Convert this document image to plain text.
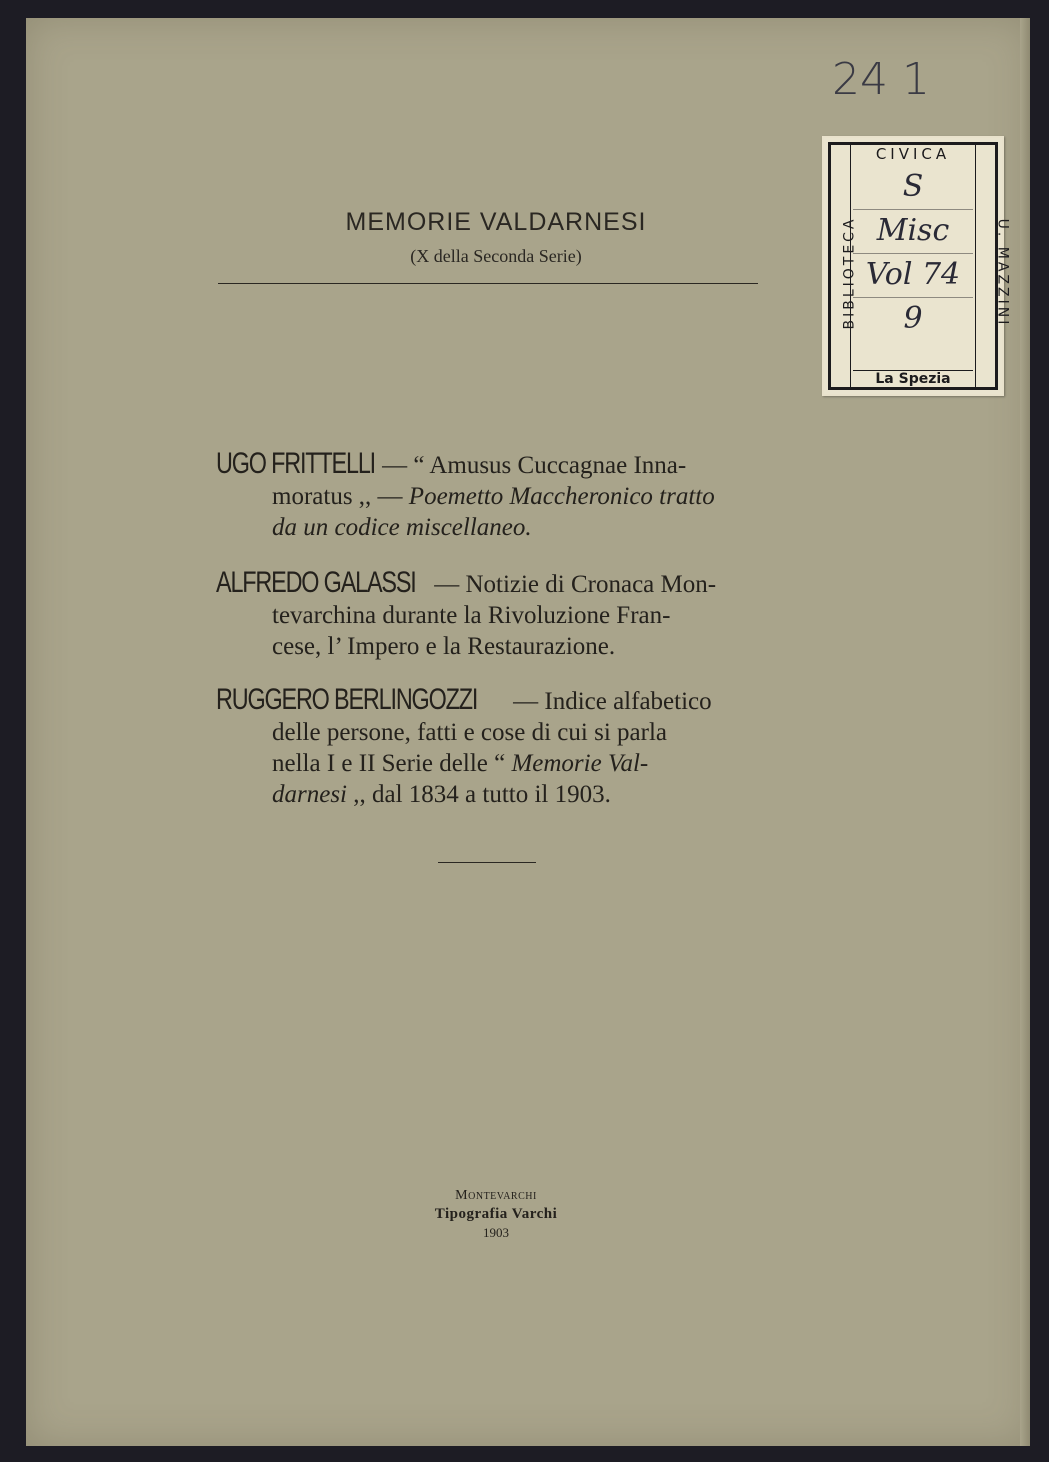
24 1
CIVICA
BIBLIOTECA	U. MAZZINI
S
Misc
Vol 74
9
La Spezia
MEMORIE VALDARNESI
(X della Seconda Serie)
UGO FRITTELLI — “ Amusus Cuccagnae Inna-
moratus ,, — Poemetto Maccheronico tratto
da un codice miscellaneo.
ALFREDO GALASSI — Notizie di Cronaca Mon-
tevarchina durante la Rivoluzione Fran-
cese, l’ Impero e la Restaurazione.
RUGGERO BERLINGOZZI — Indice alfabetico
delle persone, fatti e cose di cui si parla
nella I e II Serie delle “ Memorie Val-
darnesi ,, dal 1834 a tutto il 1903.
Montevarchi
Tipografia Varchi
1903
